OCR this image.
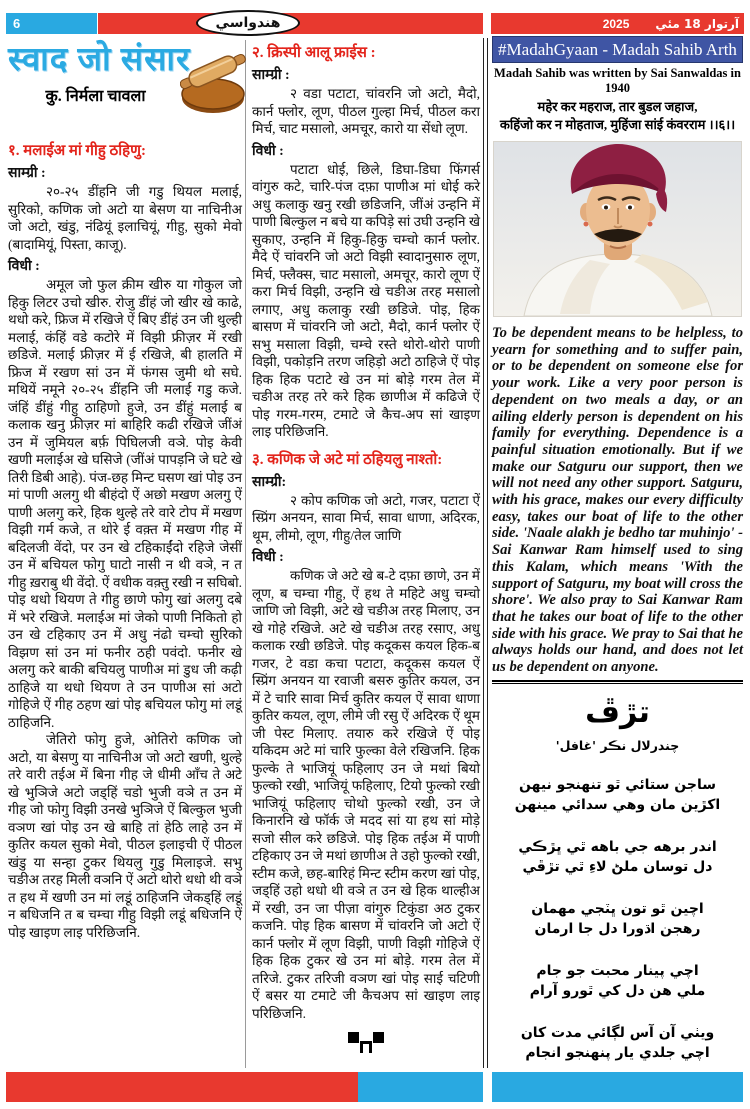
6	هندواسي	2025 آرتوار 18 مئي
स्वाद जो संसार
कु. निर्मला चावला
१. मलाईअ मां गीहु ठहिणु:
साम्ग्री :

२०-२५ डींहनि जी गडु थियल मलाई, सुरिको, कणिक जो अटो या बेसण या नाचिनीअ जो अटो, खंडु, नंढियूं इलाचियूं, गीहु, सुको मेवो (बादामियूं, पिस्ता, काजू).

विधी :

अमूल जो फुल क्रीम खीरु या गोकुल जो हिकु लिटर उचो खीरु. रोजु डींहं जो खीर खे काढे, थधो करे, फ्रिज में रखिजे ऐं बिए डींहं उन जी थुल्ही मलाई, कंहिं वडे कटोरे में विझी फ्रीज़र में रखी छडिजे. मलाई फ्रीज़र में ई रखिजे, बी हालति में फ्रिज में रखण सां उन में फंगस जुमी थो सघे. मथियें नमूने २०-२५ डींहनि जी मलाई गडु कजे. जंहिं डींहुं गीहु ठाहिणो हुजे, उन डींहुं मलाई ब कलाक खनु फ्रीज़र मां बाहिरि कढी रखिजे जींअं उन में जुमियल बर्फ़ पिघिलजी वञे. पोइ केवी खणी मलाईअ खे घसिजे (जींअं पापड़नि जे घटे खे तिरी डिबी आहे). पंज-छह मिन्ट घसण खां पोइ उन मां पाणी अलगु थी बीहंदो ऐं अछो मखण अलगु ऐं पाणी अलगु करे, हिक थुल्हे तरे वारे टोप में मखण विझी गर्म कजे, त थोरे ई वक़्त में मखण गीह में बदिलजी वेंदो, पर उन खे टहिकाईंदो रहिजे जेसीं उन में बचियल फोगु घाटो नासी न थी वञे, न त गीहु ख़राबु थी वेंदो. ऐं वधीक वक़्तु रखी न सघिबो. पोइ थधो थियण ते गीहु छाणे फोगु खां अलगु दबे में भरे रखिजे. मलाईअ मां जेको पाणी निकितो हो उन खे टहिकाए उन में अधु नंढो चम्चो सुरिको विझण सां उन मां फनीर ठही पवंदो. फनीर खे अलगु करे बाकी बचियलु पाणीअ मां डुध जी कढ़ी ठाहिजे या थधो थियण ते उन पाणीअ सां अटो गोहिजे ऐं गीह ठहण खां पोइ बचियल फोगु मां लडूं ठाहिजनि.

जेतिरो फोगु हुजे, ओतिरो कणिक जो अटो, या बेसणु या नाचिनीअ जो अटो खणी, थुल्हे तरे वारी तईअ में बिना गीह जे धीमी आँच ते अटे खे भुञिजे अटो जड्हिं चडो भुजी वञे त उन में गीह जो फोगु विझी उनखे भुञिजे ऐं बिल्कुल भुजी वञण खां पोइ उन खे बाहि तां हेठि लाहे उन में कुतिर कयल सुको मेवो, पीठल इलाइची ऐं पीठल खंडु या सन्हा टुकर थियलु गुडु मिलाइजे. सभु चङीअ तरह मिली वञनि ऐं अटो थोरो थधो थी वञे त हथ में खणी उन मां लडूं ठाहिजनि जेकड्हिं लडूं न बधिजनि त ब चम्चा गीहु विझी लडूं बधिजनि ऐं पोइ खाइण लाइ परिछिजनि.

२. क्रिस्पी आलू फ्राईस :
साम्ग्री :

२ वडा पटाटा, चांवरनि जो अटो, मैदो, कार्न फ्लोर, लूण, पीठल गुल्हा मिर्च, पीठल करा मिर्च, चाट मसालो, अमचूर, कारो या सेंधो लूण.

विधी :

पटाटा धोई, छिले, डिघा-डिघा फिंगर्स वांगुरु कटे, चारि-पंज दफ़ा पाणीअ मां धोई करे अधु कलाकु खनु रखी छडिजनि, जींअं उन्हनि में पाणी बिल्कुल न बचे या कपिड़े सां उघी उन्हनि खे सुकाए, उन्हनि में हिकु-हिकु चम्चो कार्न फ्लोर. मैदे ऐं चांवरनि जो अटो विझी स्वादानुसारु लूण, मिर्च, फ्लैक्स, चाट मसालो, अमचूर, कारो लूण ऐं करा मिर्च विझी, उन्हनि खे चङीअ तरह मसालो लगाए, अधु कलाकु रखी छडिजे. पोइ, हिक बासण में चांवरनि जो अटो, मैदो, कार्न फ्लोर ऐं सभु मसाला विझी, चम्चे रस्ते थोरो-थोरो पाणी विझी, पकोड़नि तरण जहिड़ो अटो ठाहिजे ऐं पोइ हिक हिक पटाटे खे उन मां बोड़े गरम तेल में चङीअ तरह तरे करे हिक छाणीअ में कढिजे ऐं पोइ गरम-गरम, टमाटे जे कैच-अप सां खाइण लाइ परिछिजनि.

३. कणिक जे अटे मां ठहियलु नाश्तो:
साम्ग्री:

२ कोप कणिक जो अटो, गजर, पटाटा ऐं स्प्रिंग अनयन, सावा मिर्च, सावा धाणा, अदिरक, थूम, लीमो, लूण, गीहु/तेल जाणि

विधी :

कणिक जे अटे खे ब-टे दफ़ा छाणे, उन में लूण, ब चम्चा गीहु, ऐं हथ ते महिटे अधु चम्चो जाणि जो विझी, अटे खे चङीअ तरह मिलाए, उन खे गोहे रखिजे. अटे खे चङीअ तरह रसाए, अधु कलाक रखी छडिजे. पोइ कदूकस कयल हिक-ब गजर, टे वडा कचा पटाटा, कदूकस कयल ऐं स्प्रिंग अनयन या रवाजी बसरु कुतिर कयल, उन में टे चारि सावा मिर्च कुतिर कयल ऐं सावा धाणा कुतिर कयल, लूण, लीमे जी रसु ऐं अदिरक ऐं थूम जी पेस्ट मिलाए. तयारु करे रखिजे ऐं पोइ यकिदम अटे मां चारि फुल्का वेले रखिजनि. हिक फुल्के ते भाजियूं फहिलाए उन जे मथां बियो फुल्को रखी, भाजियूं फहिलाए, टियो फुल्को रखी भाजियूं फहिलाए चोथो फुल्को रखी, उन जे किनारनि खे फॉर्क जे मदद सां या हथ सां मोड़े सजो सील करे छडिजे. पोइ हिक तईअ में पाणी टहिकाए उन जे मथां छाणीअ ते उहो फुल्को रखी, स्टीम कजे, छह-बारिहं मिन्ट स्टीम करण खां पोइ, जड्हिं उहो थधो थी वञे त उन खे हिक थाल्हीअ में रखी, उन जा पीज़ा वांगुरु टिकुंडा अठ टुकर कजनि. पोइ हिक बासण में चांवरनि जो अटो ऐं कार्न फ्लोर में लूण विझी, पाणी विझी गोहिजे ऐं हिक हिक टुकर खे उन मां बोड़े. गरम तेल में तरिजे. टुकर तरिजी वञण खां पोइ साई चटिणी ऐं बसर या टमाटे जी कैचअप सां खाइण लाइ परिछिजनि.

#MadahGyaan - Madah Sahib Arth
Madah Sahib was written by Sai Sanwaldas in 1940
महेर कर महराज, तार बुडल जहाज,
कहिंजो कर न मोहताज, मुहिंजा सांई कंवरराम ।।६।।

To be dependent means to be helpless, to yearn for something and to suffer pain, or to be dependent on someone else for your work. Like a very poor person is dependent on two meals a day, or an ailing elderly person is dependent on his family for everything. Dependence is a painful situation emotionally. But if we make our Satguru our support, then we will not need any other support. Satguru, with his grace, makes our every difficulty easy, takes our boat of life to the other side. 'Naale alakh je bedho tar muhinjo' - Sai Kanwar Ram himself used to sing this Kalam, which means 'With the support of Satguru, my boat will cross the shore'. We also pray to Sai Kanwar Ram that he takes our boat of life to the other side with his grace. We pray to Sai that he always holds our hand, and does not let us be dependent on anyone.

تڙڦ
چندرلال نڪر 'غافل'
ساجن ستائي ٿو تنهنجو نيهن
اکڙين مان وهي سدائي مينهن
اندر برهه جي باهه ٿي ڀڙڪي
دل توسان ملڻ لاءِ ٿي تڙڦي
اچين ٿو تون ڀٽجي مهمان
رهجن اڌورا دل جا ارمان
اچي پينار محبت جو جام
ملي هن دل کي ٿورو آرام
ويٺي آن آس لڳائي مدت کان
اچي جلدي يار پنهنجو انجام
